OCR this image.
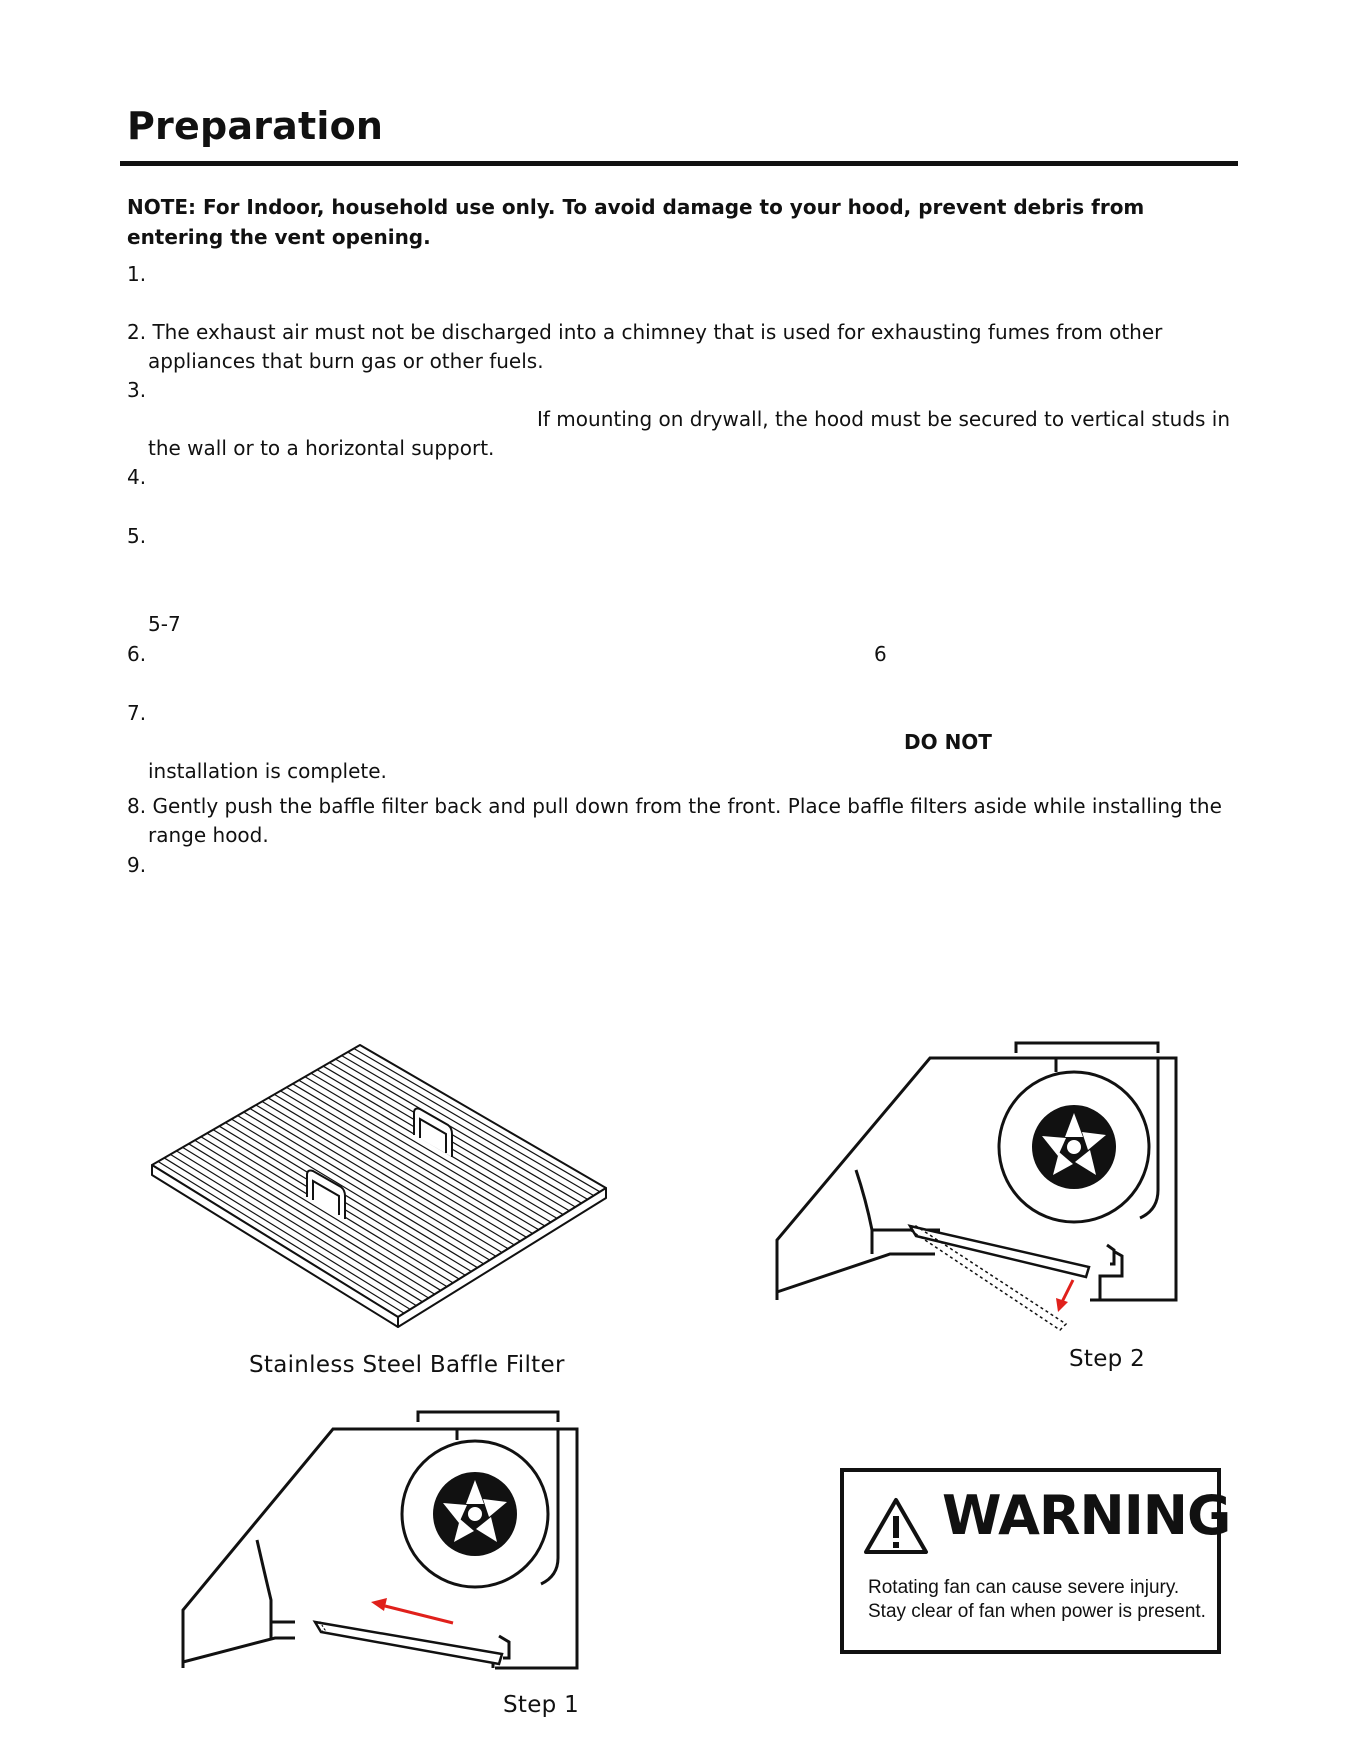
Preparation
NOTE: For Indoor, household use only. To avoid damage to your hood, prevent debris from entering the vent opening.
1.
2. The exhaust air must not be discharged into a chimney that is used for exhausting fumes from other
appliances that burn gas or other fuels.
3.
If mounting on drywall, the hood must be secured to vertical studs in
the wall or to a horizontal support.
4.
5.
5-7
6.	6
7.
DO NOT
installation is complete.
8. Gently push the baffle filter back and pull down from the front. Place baffle filters aside while installing the
range hood.
9.
Stainless Steel Baffle Filter	Step 2
Step 1
WARNING
Rotating fan can cause severe injury. Stay clear of fan when power is present.
